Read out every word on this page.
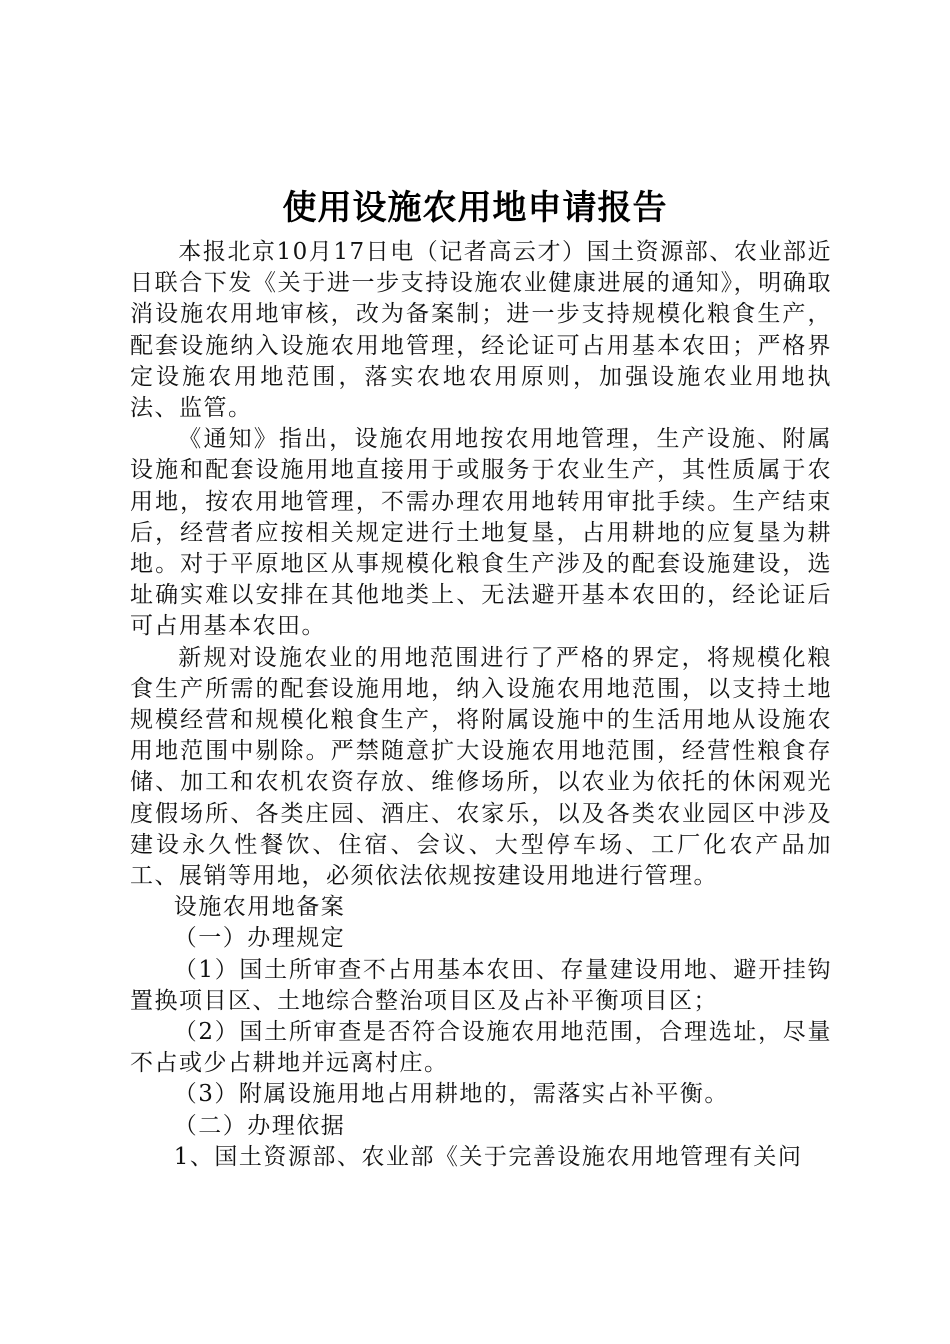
使用设施农用地申请报告

本报北京10月17日电（记者高云才）国土资源部、农业部近日联合下发《关于进一步支持设施农业健康进展的通知》，明确取消设施农用地审核，改为备案制；进一步支持规模化粮食生产，配套设施纳入设施农用地管理，经论证可占用基本农田；严格界定设施农用地范围，落实农地农用原则，加强设施农业用地执法、监管。

《通知》指出，设施农用地按农用地管理，生产设施、附属设施和配套设施用地直接用于或服务于农业生产，其性质属于农用地，按农用地管理，不需办理农用地转用审批手续。生产结束后，经营者应按相关规定进行土地复垦，占用耕地的应复垦为耕地。对于平原地区从事规模化粮食生产涉及的配套设施建设，选址确实难以安排在其他地类上、无法避开基本农田的，经论证后可占用基本农田。

新规对设施农业的用地范围进行了严格的界定，将规模化粮食生产所需的配套设施用地，纳入设施农用地范围，以支持土地规模经营和规模化粮食生产，将附属设施中的生活用地从设施农用地范围中剔除。严禁随意扩大设施农用地范围，经营性粮食存储、加工和农机农资存放、维修场所，以农业为依托的休闲观光度假场所、各类庄园、酒庄、农家乐，以及各类农业园区中涉及建设永久性餐饮、住宿、会议、大型停车场、工厂化农产品加工、展销等用地，必须依法依规按建设用地进行管理。

设施农用地备案

（一）办理规定

（1）国土所审查不占用基本农田、存量建设用地、避开挂钩置换项目区、土地综合整治项目区及占补平衡项目区；

（2）国土所审查是否符合设施农用地范围，合理选址，尽量不占或少占耕地并远离村庄。

（3）附属设施用地占用耕地的，需落实占补平衡。

（二）办理依据

1、国土资源部、农业部《关于完善设施农用地管理有关问
